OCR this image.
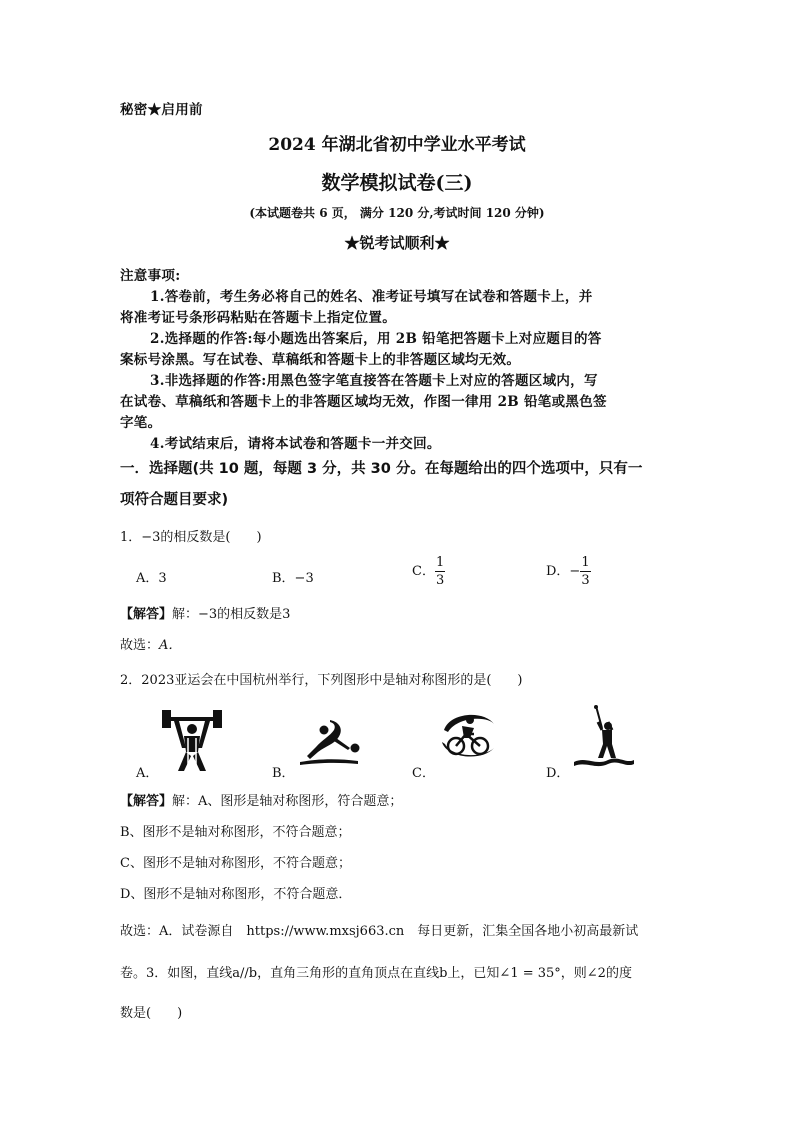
秘密★启用前
2024 年湖北省初中学业水平考试
数学模拟试卷(三)
(本试题卷共 6 页， 满分 120 分,考试时间 120 分钟)
★锐考试顺利★
注意事项:
1.答卷前，考生务必将自己的姓名、准考证号填写在试卷和答题卡上，并
将准考证号条形码粘贴在答题卡上指定位置。
2.选择题的作答:每小题选出答案后，用 2B 铅笔把答题卡上对应题目的答
案标号涂黑。写在试卷、草稿纸和答题卡上的非答题区域均无效。
3.非选择题的作答:用黑色签字笔直接答在答题卡上对应的答题区域内，写
在试卷、草稿纸和答题卡上的非答题区域均无效，作图一律用 2B 铅笔或黑色签
字笔。
4.考试结束后，请将本试卷和答题卡一并交回。
一．选择题(共 10 题，每题 3 分，共 30 分。在每题给出的四个选项中，只有一
项符合题目要求)
1．−3的相反数是(　　)
A．3	B．−3	C． $\frac{1}{3}$	D．− $\frac{1}{3}$
【解答】解：−3的相反数是3
故选：A．
2．2023亚运会在中国杭州举行，下列图形中是轴对称图形的是(　　)
A．	B．	C．	D．
【解答】解：A、图形是轴对称图形，符合题意；
B、图形不是轴对称图形，不符合题意；
C、图形不是轴对称图形，不符合题意；
D、图形不是轴对称图形，不符合题意．
故选：A．试卷源自　https://www.mxsj663.cn　每日更新，汇集全国各地小初高最新试
卷。3．如图，直线a//b，直角三角形的直角顶点在直线b上，已知∠1 = 35°，则∠2的度
数是(　　)
